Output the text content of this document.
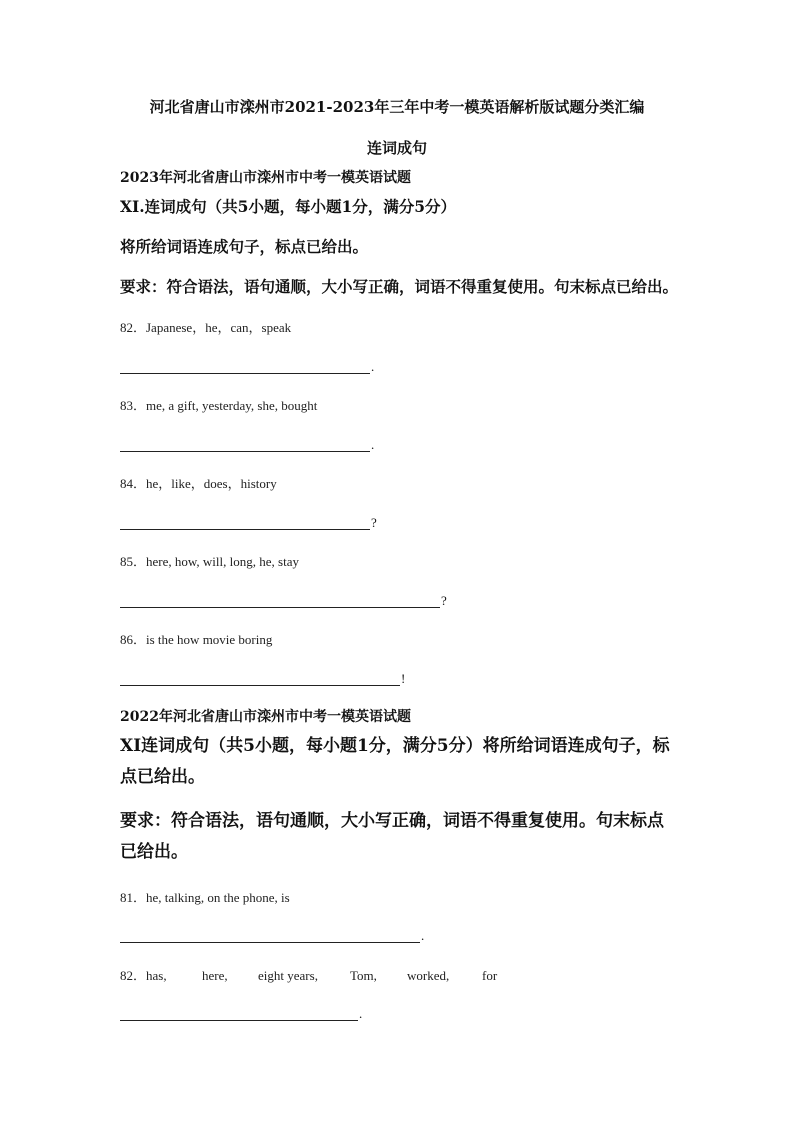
河北省唐山市滦州市2021-2023年三年中考一模英语解析版试题分类汇编
连词成句
2023年河北省唐山市滦州市中考一模英语试题
XI.连词成句（共5小题，每小题1分，满分5分）
将所给词语连成句子，标点已给出。
要求：符合语法，语句通顺，大小写正确，词语不得重复使用。句末标点已给出。
82．Japanese，he，can，speak
.
83．me, a gift, yesterday, she, bought
.
84．he，like，does，history
?
85．here, how, will, long, he, stay
?
86．is the how movie boring
!
2022年河北省唐山市滦州市中考一模英语试题
XI连词成句（共5小题，每小题1分，满分5分）将所给词语连成句子，标点已给出。
要求：符合语法，语句通顺，大小写正确，词语不得重复使用。句末标点已给出。
81．he, talking, on the phone, is
.
82．has,	here, eight years, Tom, worked,	for
.
